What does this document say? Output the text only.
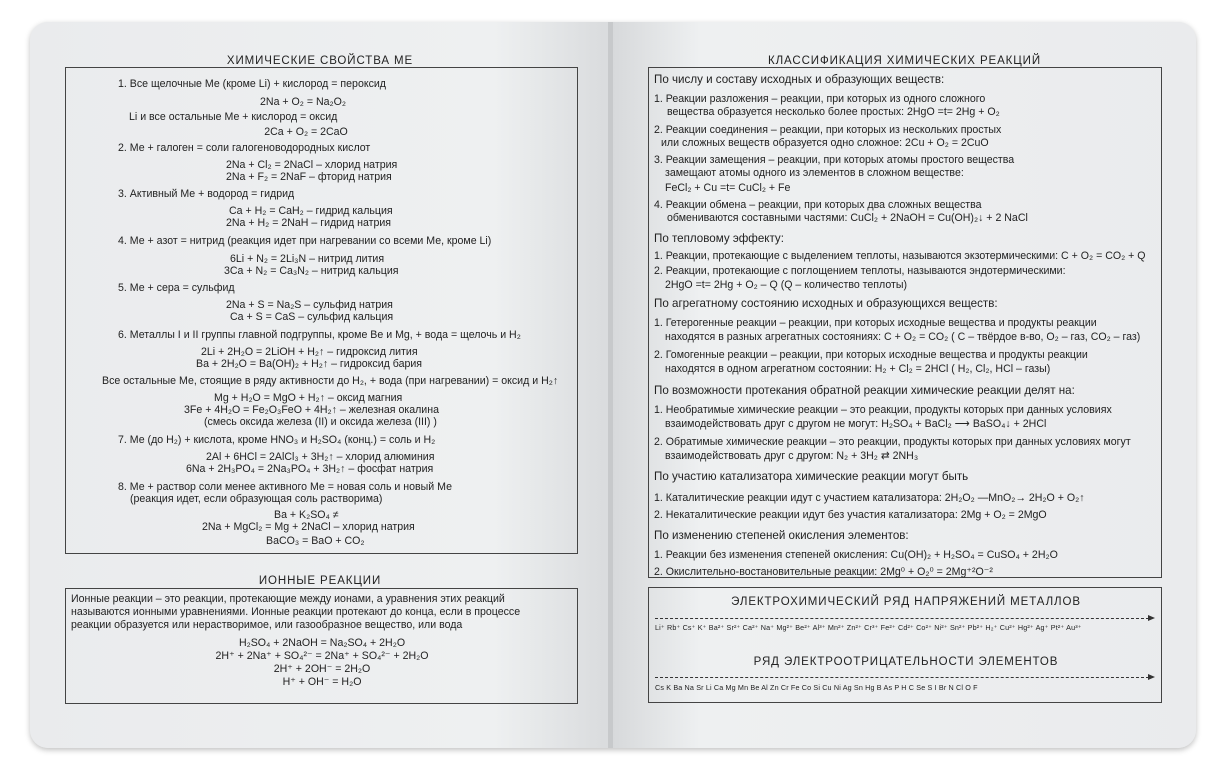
ХИМИЧЕСКИЕ СВОЙСТВА МЕ
1. Все щелочные Ме (кроме Li) + кислород = пероксид
2Na + O₂ = Na₂O₂
Li и все остальные Ме + кислород = оксид
2Ca + O₂ = 2CaO
2. Ме + галоген = соли галогеноводородных кислот
2Na + Cl₂ = 2NaCl – хлорид натрия
2Na + F₂ = 2NaF – фторид натрия
3. Активный Ме + водород = гидрид
Ca + H₂ = CaH₂ – гидрид кальция
2Na + H₂ = 2NaH – гидрид натрия
4. Ме + азот = нитрид (реакция идет при нагревании со всеми Ме, кроме Li)
6Li + N₂ = 2Li₃N – нитрид лития
3Ca + N₂ = Ca₃N₂ – нитрид кальция
5. Ме + сера = сульфид
2Na + S = Na₂S – сульфид натрия
Ca + S = CaS – сульфид кальция
6. Металлы I и II группы главной подгруппы, кроме Be и Mg, + вода = щелочь и H₂
2Li + 2H₂O = 2LiOH + H₂↑ – гидроксид лития
Ba + 2H₂O = Ba(OH)₂ + H₂↑ – гидроксид бария
Все остальные Ме, стоящие в ряду активности до H₂, + вода (при нагревании) = оксид и H₂↑
Mg + H₂O = MgO + H₂↑ – оксид магния
3Fe + 4H₂O = Fe₂O₃FeO + 4H₂↑ – железная окалина
(смесь оксида железа (II) и оксида железа (III) )
7. Ме (до H₂) + кислота, кроме HNO₃ и H₂SO₄ (конц.) = соль и H₂
2Al + 6HCl = 2AlCl₃ + 3H₂↑ – хлорид алюминия
6Na + 2H₃PO₄ = 2Na₃PO₄ + 3H₂↑ – фосфат натрия
8. Ме + раствор соли менее активного Ме = новая соль и новый Ме
(реакция идет, если образующая соль растворима)
Ba + K₂SO₄ ≠
2Na + MgCl₂ = Mg + 2NaCl – хлорид натрия
BaCO₃ = BaO + CO₂
ИОННЫЕ РЕАКЦИИ
Ионные реакции – это реакции, протекающие между ионами, а уравнения этих реакций
называются ионными уравнениями. Ионные реакции протекают до конца, если в процессе
реакции образуется или нерастворимое, или газообразное вещество, или вода
H₂SO₄ + 2NaOH = Na₂SO₄ + 2H₂O
2H⁺ + 2Na⁺ + SO₄²⁻ = 2Na⁺ + SO₄²⁻ + 2H₂O
2H⁺ + 2OH⁻ = 2H₂O
H⁺ + OH⁻ = H₂O
КЛАССИФИКАЦИЯ ХИМИЧЕСКИХ РЕАКЦИЙ
По числу и составу исходных и образующих веществ:
1. Реакции разложения – реакции, при которых из одного сложного
вещества образуется несколько более простых: 2HgO =t= 2Hg + O₂
2. Реакции соединения – реакции, при которых из нескольких простых
или сложных веществ образуется одно сложное: 2Cu + O₂ = 2CuO
3. Реакции замещения – реакции, при которых атомы простого вещества
замещают атомы одного из элементов в сложном веществе:
FeCl₂ + Cu =t= CuCl₂ + Fe
4. Реакции обмена – реакции, при которых два сложных вещества
обмениваются составными частями: CuCl₂ + 2NaOH = Cu(OH)₂↓ + 2 NaCl
По тепловому эффекту:
1. Реакции, протекающие с выделением теплоты, называются экзотермическими: C + O₂ = CO₂ + Q
2. Реакции, протекающие с поглощением теплоты, называются эндотермическими:
2HgO =t= 2Hg + O₂ – Q (Q – количество теплоты)
По агрегатному состоянию исходных и образующихся веществ:
1. Гетерогенные реакции – реакции, при которых исходные вещества и продукты реакции
находятся в разных агрегатных состояниях: C + O₂ = CO₂ ( C – твёрдое в-во, O₂ – газ, CO₂ – газ)
2. Гомогенные реакции – реакции, при которых исходные вещества и продукты реакции
находятся в одном агрегатном состоянии: H₂ + Cl₂ = 2HCl ( H₂, Cl₂, HCl – газы)
По возможности протекания обратной реакции химические реакции делят на:
1. Необратимые химические реакции – это реакции, продукты которых при данных условиях
взаимодействовать друг с другом не могут: H₂SO₄ + BaCl₂ ⟶ BaSO₄↓ + 2HCl
2. Обратимые химические реакции – это реакции, продукты которых при данных условиях могут
взаимодействовать друг с другом: N₂ + 3H₂ ⇄ 2NH₃
По участию катализатора химические реакции могут быть
1. Каталитические реакции идут с участием катализатора: 2H₂O₂ —MnO₂→ 2H₂O + O₂↑
2. Некаталитические реакции идут без участия катализатора: 2Mg + O₂ = 2MgO
По изменению степеней окисления элементов:
1. Реакции без изменения степеней окисления: Cu(OH)₂ + H₂SO₄ = CuSO₄ + 2H₂O
2. Окислительно-востановительные реакции: 2Mg⁰ + O₂⁰ = 2Mg⁺²O⁻²
ЭЛЕКТРОХИМИЧЕСКИЙ РЯД НАПРЯЖЕНИЙ МЕТАЛЛОВ
Li⁺ Rb⁺ Cs⁺ K⁺ Ba²⁺ Sr²⁺ Ca²⁺ Na⁺ Mg²⁺ Be²⁺ Al³⁺ Mn²⁺ Zn²⁺ Cr³⁺ Fe²⁺ Cd²⁺ Co²⁺ Ni²⁺ Sn²⁺ Pb²⁺ H₂⁺ Cu²⁺ Hg²⁺ Ag⁺ Pt²⁺ Au³⁺
РЯД ЭЛЕКТРООТРИЦАТЕЛЬНОСТИ ЭЛЕМЕНТОВ
Cs K Ba Na Sr Li Ca Mg Mn Be Al Zn Cr Fe Co Si Cu Ni Ag Sn Hg B As P H C Se S I Br N Cl O F
